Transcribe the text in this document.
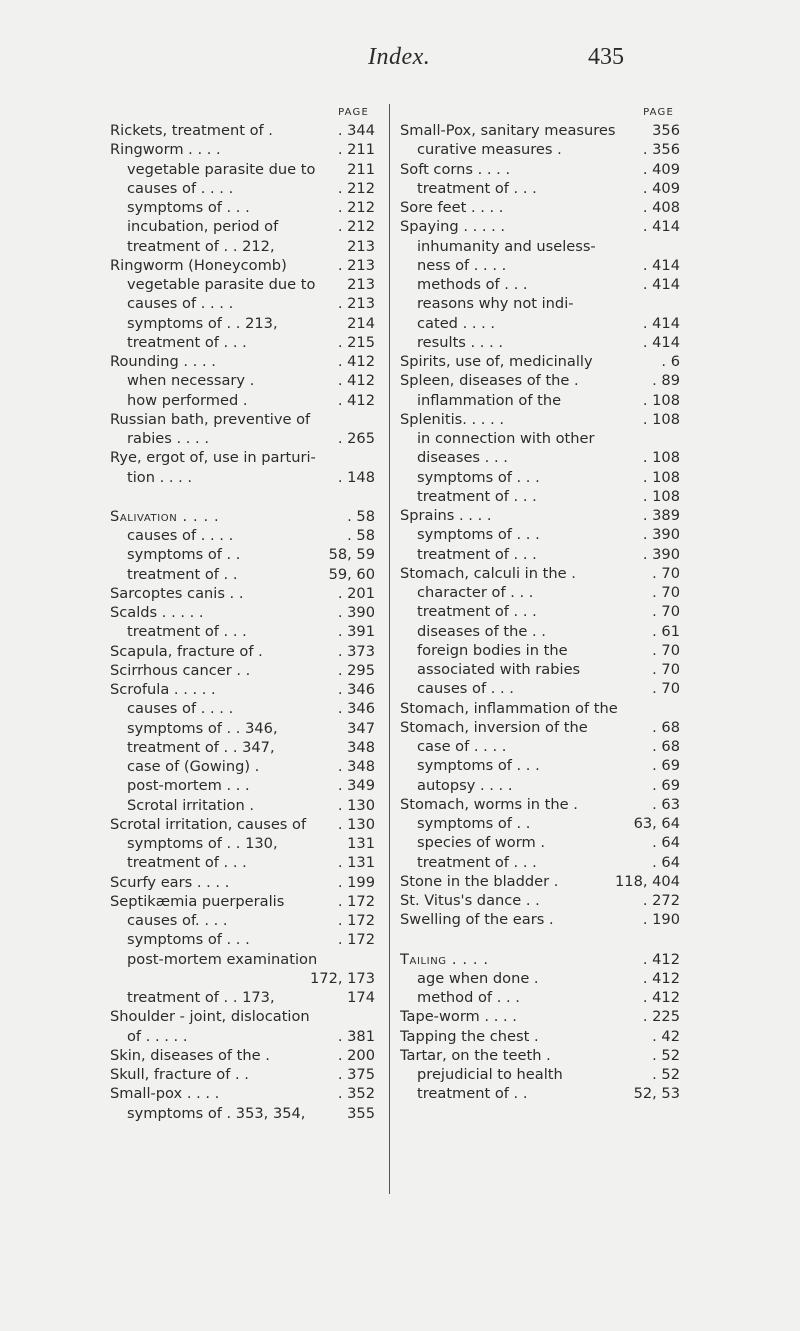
Index.	435
PAGE
Rickets, treatment of .	. 344
Ringworm . . . .	. 211
vegetable parasite due to 211
causes of . . . .	. 212
symptoms of . . .	. 212
incubation, period of	. 212
treatment of . . 212,	213
Ringworm (Honeycomb)	. 213
vegetable parasite due to 213
causes of . . . .	. 213
symptoms of . . 213,	214
treatment of . . .	. 215
Rounding . . . .	. 412
when necessary .	. 412
how performed .	. 412
Russian bath, preventive of
rabies . . . .	. 265
Rye, ergot of, use in parturi-
tion . . . .	. 148
Salivation . . . .	. 58
causes of . . . .	. 58
symptoms of . .	58, 59
treatment of . .	59, 60
Sarcoptes canis . .	. 201
Scalds . . . . .	. 390
treatment of . . .	. 391
Scapula, fracture of .	. 373
Scirrhous cancer . .	. 295
Scrofula . . . . .	. 346
causes of . . . .	. 346
symptoms of . . 346,	347
treatment of . . 347,	348
case of (Gowing) .	. 348
post-mortem . . .	. 349
Scrotal irritation .	. 130
Scrotal irritation, causes of . 130
symptoms of . . 130,	131
treatment of . . .	. 131
Scurfy ears . . . .	. 199
Septikæmia puerperalis	. 172
causes of. . . .	. 172
symptoms of . . .	. 172
post-mortem examination
172, 173
treatment of . . 173,	174
Shoulder - joint, dislocation
of . . . . .	. 381
Skin, diseases of the .	. 200
Skull, fracture of . .	. 375
Small-pox . . . .	. 352
symptoms of . 353, 354,	355
PAGE
Small-Pox, sanitary measures	356
curative measures .	. 356
Soft corns . . . .	. 409
treatment of . . .	. 409
Sore feet . . . .	. 408
Spaying . . . . .	. 414
inhumanity and useless-
ness of . . . .	. 414
methods of . . .	. 414
reasons why not indi-
cated . . . .	. 414
results . . . .	. 414
Spirits, use of, medicinally	. 6
Spleen, diseases of the .	. 89
inflammation of the	. 108
Splenitis. . . . .	. 108
in connection with other
diseases . . .	. 108
symptoms of . . .	. 108
treatment of . . .	. 108
Sprains . . . .	. 389
symptoms of . . .	. 390
treatment of . . .	. 390
Stomach, calculi in the .	. 70
character of . . .	. 70
treatment of . . .	. 70
diseases of the . .	. 61
foreign bodies in the	. 70
associated with rabies	. 70
causes of . . .	. 70
Stomach, inflammation of the
Stomach, inversion of the	. 68
case of . . . .	. 68
symptoms of . . .	. 69
autopsy . . . .	. 69
Stomach, worms in the .	. 63
symptoms of . .	63, 64
species of worm .	. 64
treatment of . . .	. 64
Stone in the bladder .	118, 404
St. Vitus's dance . .	. 272
Swelling of the ears .	. 190
Tailing . . . .	. 412
age when done .	. 412
method of . . .	. 412
Tape-worm . . . .	. 225
Tapping the chest .	. 42
Tartar, on the teeth .	. 52
prejudicial to health	. 52
treatment of . .	52, 53
